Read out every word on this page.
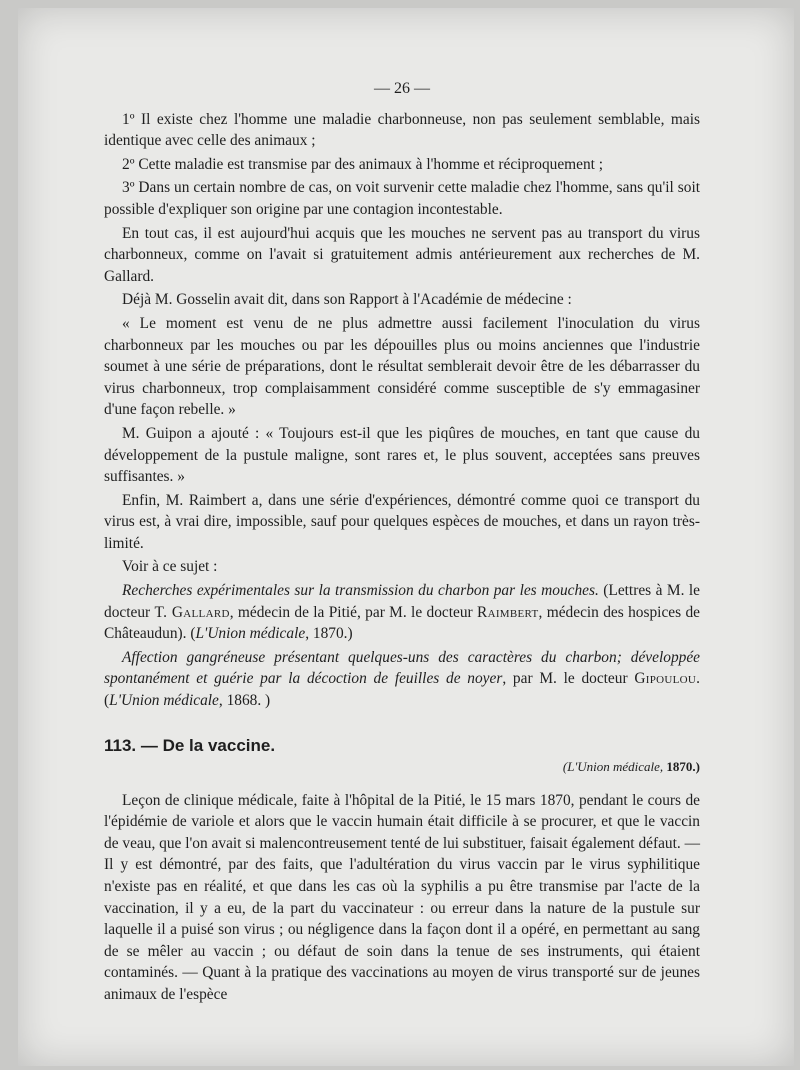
— 26 —

1º Il existe chez l'homme une maladie charbonneuse, non pas seulement semblable, mais identique avec celle des animaux ;

2º Cette maladie est transmise par des animaux à l'homme et réciproquement ;

3º Dans un certain nombre de cas, on voit survenir cette maladie chez l'homme, sans qu'il soit possible d'expliquer son origine par une contagion incontestable.

En tout cas, il est aujourd'hui acquis que les mouches ne servent pas au transport du virus charbonneux, comme on l'avait si gratuitement admis antérieurement aux recherches de M. Gallard.

Déjà M. Gosselin avait dit, dans son Rapport à l'Académie de médecine :

« Le moment est venu de ne plus admettre aussi facilement l'inoculation du virus charbonneux par les mouches ou par les dépouilles plus ou moins anciennes que l'industrie soumet à une série de préparations, dont le résultat semblerait devoir être de les débarrasser du virus charbonneux, trop complaisamment considéré comme susceptible de s'y emmagasiner d'une façon rebelle. »

M. Guipon a ajouté : « Toujours est-il que les piqûres de mouches, en tant que cause du développement de la pustule maligne, sont rares et, le plus souvent, acceptées sans preuves suffisantes. »

Enfin, M. Raimbert a, dans une série d'expériences, démontré comme quoi ce transport du virus est, à vrai dire, impossible, sauf pour quelques espèces de mouches, et dans un rayon très-limité.

Voir à ce sujet :

Recherches expérimentales sur la transmission du charbon par les mouches. (Lettres à M. le docteur T. Gallard, médecin de la Pitié, par M. le docteur Raimbert, médecin des hospices de Châteaudun). (L'Union médicale, 1870.)

Affection gangréneuse présentant quelques-uns des caractères du charbon; développée spontanément et guérie par la décoction de feuilles de noyer, par M. le docteur Gipoulou. (L'Union médicale, 1868. )

113. — De la vaccine.
(L'Union médicale, 1870.)

Leçon de clinique médicale, faite à l'hôpital de la Pitié, le 15 mars 1870, pendant le cours de l'épidémie de variole et alors que le vaccin humain était difficile à se procurer, et que le vaccin de veau, que l'on avait si malencontreusement tenté de lui substituer, faisait également défaut. — Il y est démontré, par des faits, que l'adultération du virus vaccin par le virus syphilitique n'existe pas en réalité, et que dans les cas où la syphilis a pu être transmise par l'acte de la vaccination, il y a eu, de la part du vaccinateur : ou erreur dans la nature de la pustule sur laquelle il a puisé son virus ; ou négligence dans la façon dont il a opéré, en permettant au sang de se mêler au vaccin ; ou défaut de soin dans la tenue de ses instruments, qui étaient contaminés. — Quant à la pratique des vaccinations au moyen de virus transporté sur de jeunes animaux de l'espèce
